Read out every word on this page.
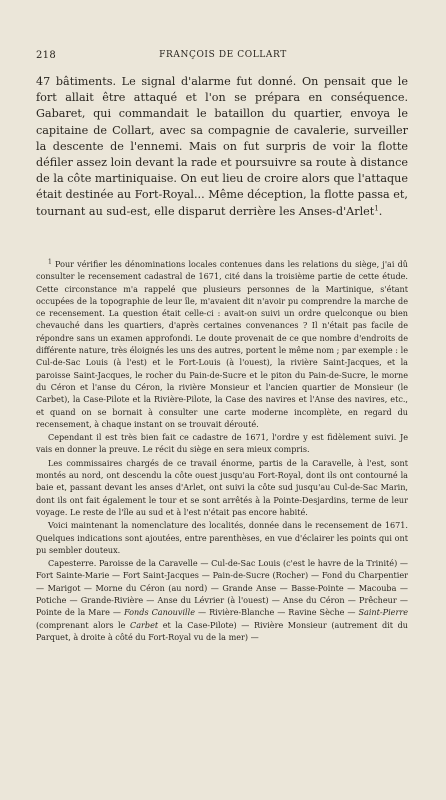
218	FRANÇOIS DE COLLART

47 bâtiments. Le signal d'alarme fut donné. On pensait que le fort allait être attaqué et l'on se prépara en conséquence. Gabaret, qui commandait le bataillon du quartier, envoya le capitaine de Collart, avec sa compagnie de cavalerie, surveiller la descente de l'ennemi. Mais on fut surpris de voir la flotte défiler assez loin devant la rade et poursuivre sa route à distance de la côte martiniquaise. On eut lieu de croire alors que l'attaque était destinée au Fort-Royal... Même déception, la flotte passa et, tournant au sud-est, elle disparut derrière les Anses-d'Arlet$^1$.

$^1$ Pour vérifier les dénominations locales contenues dans les relations du siège, j'ai dû consulter le recensement cadastral de 1671, cité dans la troisième partie de cette étude. Cette circonstance m'a rappelé que plusieurs personnes de la Martinique, s'étant occupées de la topographie de leur île, m'avaient dit n'avoir pu comprendre la marche de ce recensement. La question était celle-ci : avait-on suivi un ordre quelconque ou bien chevauché dans les quartiers, d'après certaines convenances ? Il n'était pas facile de répondre sans un examen approfondi. Le doute provenait de ce que nombre d'endroits de différente nature, très éloignés les uns des autres, portent le même nom ; par exemple : le Cul-de-Sac Louis (à l'est) et le Fort-Louis (à l'ouest), la rivière Saint-Jacques, et la paroisse Saint-Jacques, le rocher du Pain-de-Sucre et le piton du Pain-de-Sucre, le morne du Céron et l'anse du Céron, la rivière Monsieur et l'ancien quartier de Monsieur (le Carbet), la Case-Pilote et la Rivière-Pilote, la Case des navires et l'Anse des navires, etc., et quand on se bornait à consulter une carte moderne incomplète, en regard du recensement, à chaque instant on se trouvait dérouté.

Cependant il est très bien fait ce cadastre de 1671, l'ordre y est fidèlement suivi. Je vais en donner la preuve. Le récit du siège en sera mieux compris.

Les commissaires chargés de ce travail énorme, partis de la Caravelle, à l'est, sont montés au nord, ont descendu la côte ouest jusqu'au Fort-Royal, dont ils ont contourné la baie et, passant devant les anses d'Arlet, ont suivi la côte sud jusqu'au Cul-de-Sac Marin, dont ils ont fait également le tour et se sont arrêtés à la Pointe-Desjardins, terme de leur voyage. Le reste de l'île au sud et à l'est n'était pas encore habité.

Voici maintenant la nomenclature des localités, donnée dans le recensement de 1671. Quelques indications sont ajoutées, entre parenthèses, en vue d'éclairer les points qui ont pu sembler douteux.

Capesterre. Paroisse de la Caravelle — Cul-de-Sac Louis (c'est le havre de la Trinité) — Fort Sainte-Marie — Fort Saint-Jacques — Pain-de-Sucre (Rocher) — Fond du Charpentier — Marigot — Morne du Céron (au nord) — Grande Anse — Basse-Pointe — Macouba — Potiche — Grande-Rivière — Anse du Lévrier (à l'ouest) — Anse du Céron — Prêcheur — Pointe de la Mare — Fonds Canouville — Rivière-Blanche — Ravine Sèche — Saint-Pierre (comprenant alors le Carbet et la Case-Pilote) — Rivière Monsieur (autrement dit du Parquet, à droite à côté du Fort-Royal vu de la mer) —
